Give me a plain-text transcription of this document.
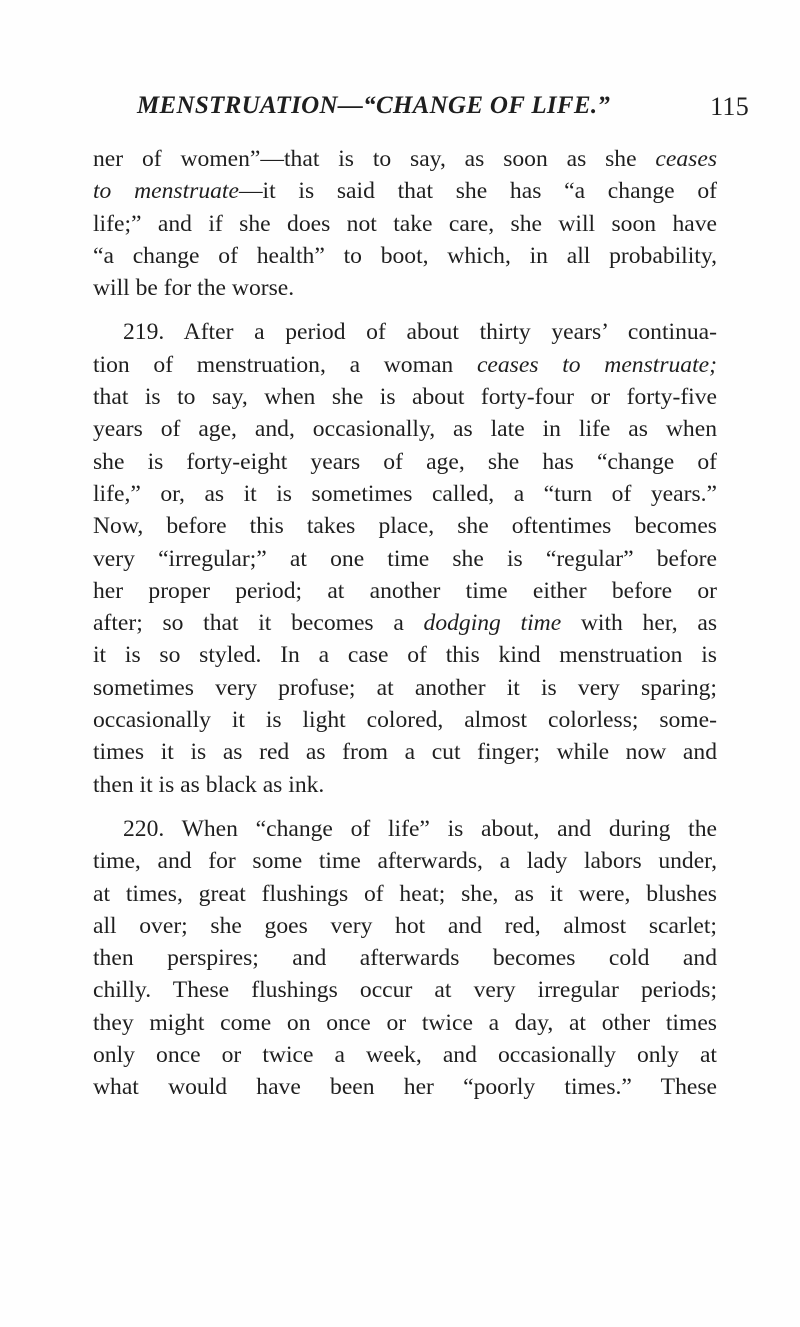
MENSTRUATION—“CHANGE OF LIFE.”	115
ner of women”—that is to say, as soon as she ceases
to menstruate—it is said that she has “a change of
life;” and if she does not take care, she will soon have
“a change of health” to boot, which, in all probability,
will be for the worse.
219. After a period of about thirty years’ continua-
tion of menstruation, a woman ceases to menstruate;
that is to say, when she is about forty-four or forty-five
years of age, and, occasionally, as late in life as when
she is forty-eight years of age, she has “change of
life,” or, as it is sometimes called, a “turn of years.”
Now, before this takes place, she oftentimes becomes
very “irregular;” at one time she is “regular” before
her proper period; at another time either before or
after; so that it becomes a dodging time with her, as
it is so styled. In a case of this kind menstruation is
sometimes very profuse; at another it is very sparing;
occasionally it is light colored, almost colorless; some-
times it is as red as from a cut finger; while now and
then it is as black as ink.
220. When “change of life” is about, and during the
time, and for some time afterwards, a lady labors under,
at times, great flushings of heat; she, as it were, blushes
all over; she goes very hot and red, almost scarlet;
then perspires; and afterwards becomes cold and
chilly. These flushings occur at very irregular periods;
they might come on once or twice a day, at other times
only once or twice a week, and occasionally only at
what would have been her “poorly times.” These
